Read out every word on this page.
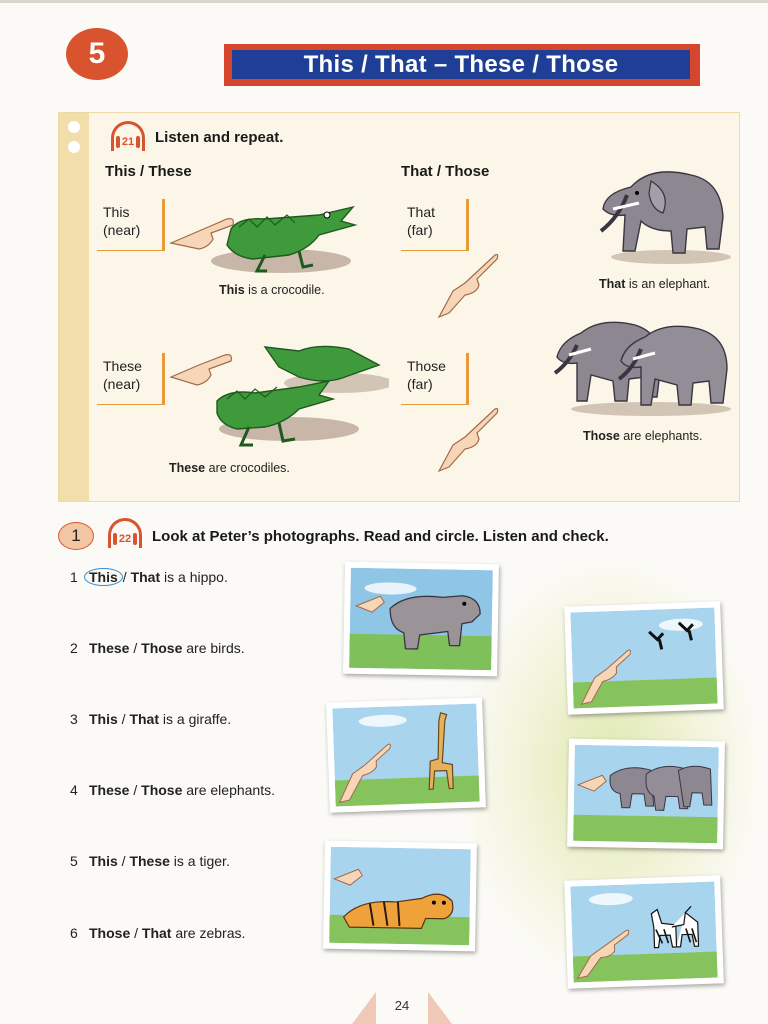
5	This / That – These / Those
21	Listen and repeat.
This / These	That / Those
This
(near)
These
(near)
That
(far)
Those
(far)
This is a crocodile.
These are crocodiles.
That is an elephant.
Those are elephants.
1	22	Look at Peter’s photographs. Read and circle. Listen and check.
1 This / That is a hippo.
2 These / Those are birds.
3 This / That is a giraffe.
4 These / Those are elephants.
5 This / These is a tiger.
6 Those / That are zebras.
24
